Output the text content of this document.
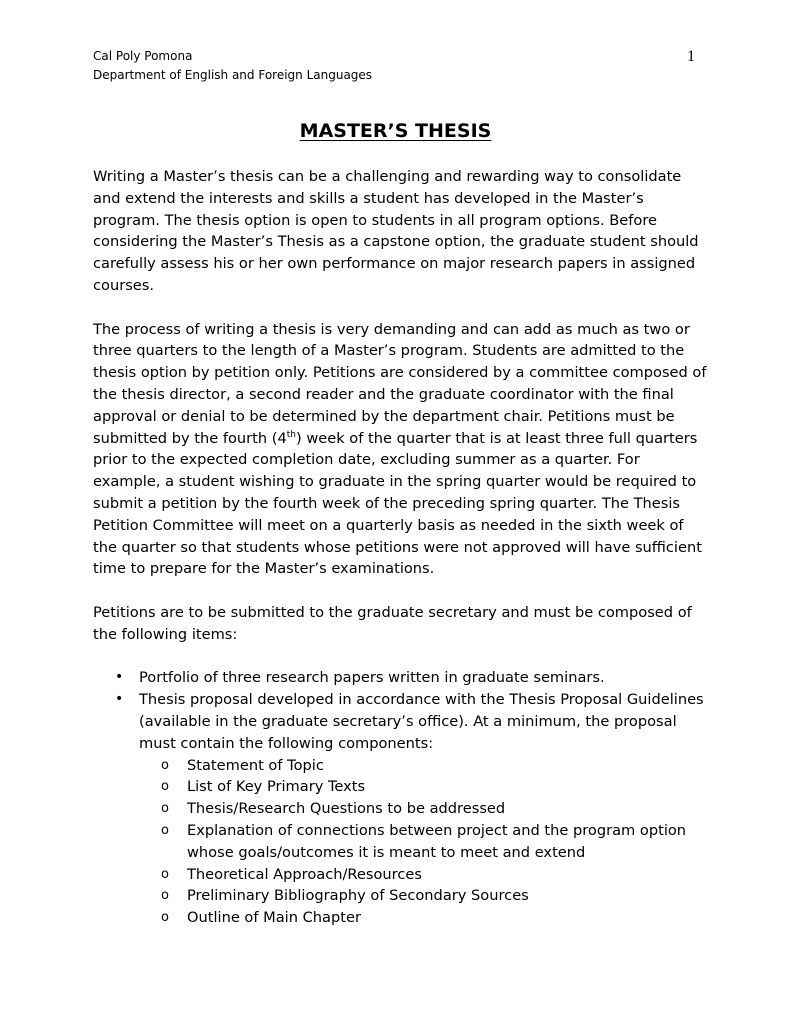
Cal Poly Pomona
Department of English and Foreign Languages
1
MASTER’S THESIS

Writing a Master’s thesis can be a challenging and rewarding way to consolidate and extend the interests and skills a student has developed in the Master’s program. The thesis option is open to students in all program options. Before considering the Master’s Thesis as a capstone option, the graduate student should carefully assess his or her own performance on major research papers in assigned courses.

The process of writing a thesis is very demanding and can add as much as two or three quarters to the length of a Master’s program. Students are admitted to the thesis option by petition only. Petitions are considered by a committee composed of the thesis director, a second reader and the graduate coordinator with the final approval or denial to be determined by the department chair. Petitions must be submitted by the fourth (4th) week of the quarter that is at least three full quarters prior to the expected completion date, excluding summer as a quarter. For example, a student wishing to graduate in the spring quarter would be required to submit a petition by the fourth week of the preceding spring quarter. The Thesis Petition Committee will meet on a quarterly basis as needed in the sixth week of the quarter so that students whose petitions were not approved will have sufficient time to prepare for the Master’s examinations.

Petitions are to be submitted to the graduate secretary and must be composed of the following items:

• Portfolio of three research papers written in graduate seminars.
• Thesis proposal developed in accordance with the Thesis Proposal Guidelines (available in the graduate secretary’s office). At a minimum, the proposal must contain the following components:
o Statement of Topic
o List of Key Primary Texts
o Thesis/Research Questions to be addressed
o Explanation of connections between project and the program option whose goals/outcomes it is meant to meet and extend
o Theoretical Approach/Resources
o Preliminary Bibliography of Secondary Sources
o Outline of Main Chapter
